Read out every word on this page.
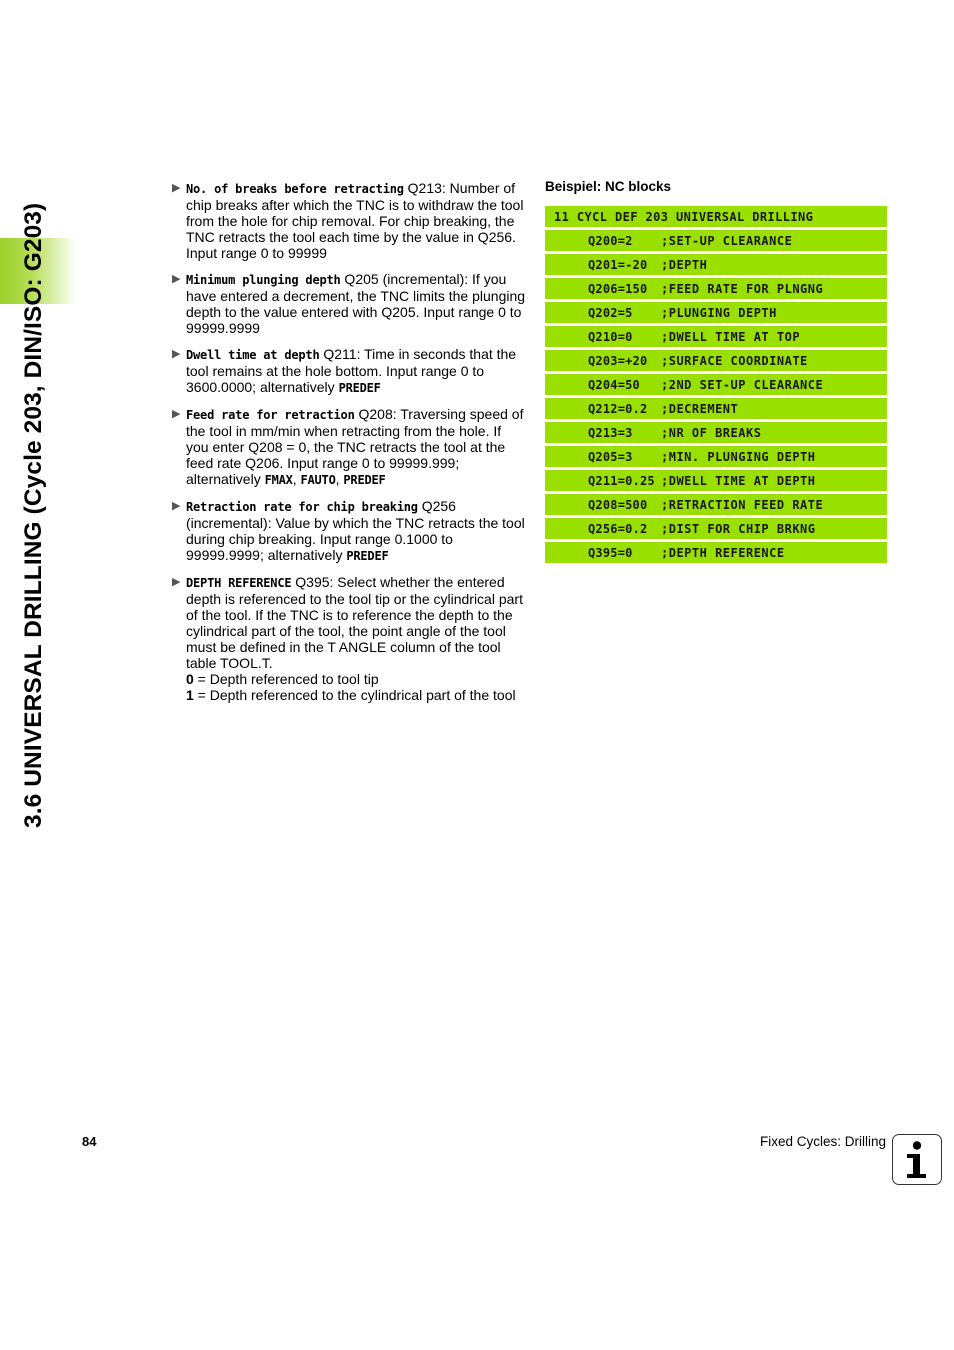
3.6 UNIVERSAL DRILLING (Cycle 203, DIN/ISO: G203)
▶ No. of breaks before retracting Q213: Number of chip breaks after which the TNC is to withdraw the tool from the hole for chip removal. For chip breaking, the TNC retracts the tool each time by the value in Q256. Input range 0 to 99999
▶ Minimum plunging depth Q205 (incremental): If you have entered a decrement, the TNC limits the plunging depth to the value entered with Q205. Input range 0 to 99999.9999
▶ Dwell time at depth Q211: Time in seconds that the tool remains at the hole bottom. Input range 0 to 3600.0000; alternatively PREDEF
▶ Feed rate for retraction Q208: Traversing speed of the tool in mm/min when retracting from the hole. If you enter Q208 = 0, the TNC retracts the tool at the feed rate Q206. Input range 0 to 99999.999; alternatively FMAX, FAUTO, PREDEF
▶ Retraction rate for chip breaking Q256 (incremental): Value by which the TNC retracts the tool during chip breaking. Input range 0.1000 to 99999.9999; alternatively PREDEF
▶ DEPTH REFERENCE Q395: Select whether the entered depth is referenced to the tool tip or the cylindrical part of the tool. If the TNC is to reference the depth to the cylindrical part of the tool, the point angle of the tool must be defined in the T ANGLE column of the tool table TOOL.T.
0 = Depth referenced to tool tip
1 = Depth referenced to the cylindrical part of the tool
Beispiel: NC blocks
11 CYCL DEF 203 UNIVERSAL DRILLING
Q200=2	;SET-UP CLEARANCE
Q201=-20	;DEPTH
Q206=150	;FEED RATE FOR PLNGNG
Q202=5	;PLUNGING DEPTH
Q210=0	;DWELL TIME AT TOP
Q203=+20	;SURFACE COORDINATE
Q204=50	;2ND SET-UP CLEARANCE
Q212=0.2	;DECREMENT
Q213=3	;NR OF BREAKS
Q205=3	;MIN. PLUNGING DEPTH
Q211=0.25 ;DWELL TIME AT DEPTH
Q208=500	;RETRACTION FEED RATE
Q256=0.2	;DIST FOR CHIP BRKNG
Q395=0	;DEPTH REFERENCE
84	Fixed Cycles: Drilling
